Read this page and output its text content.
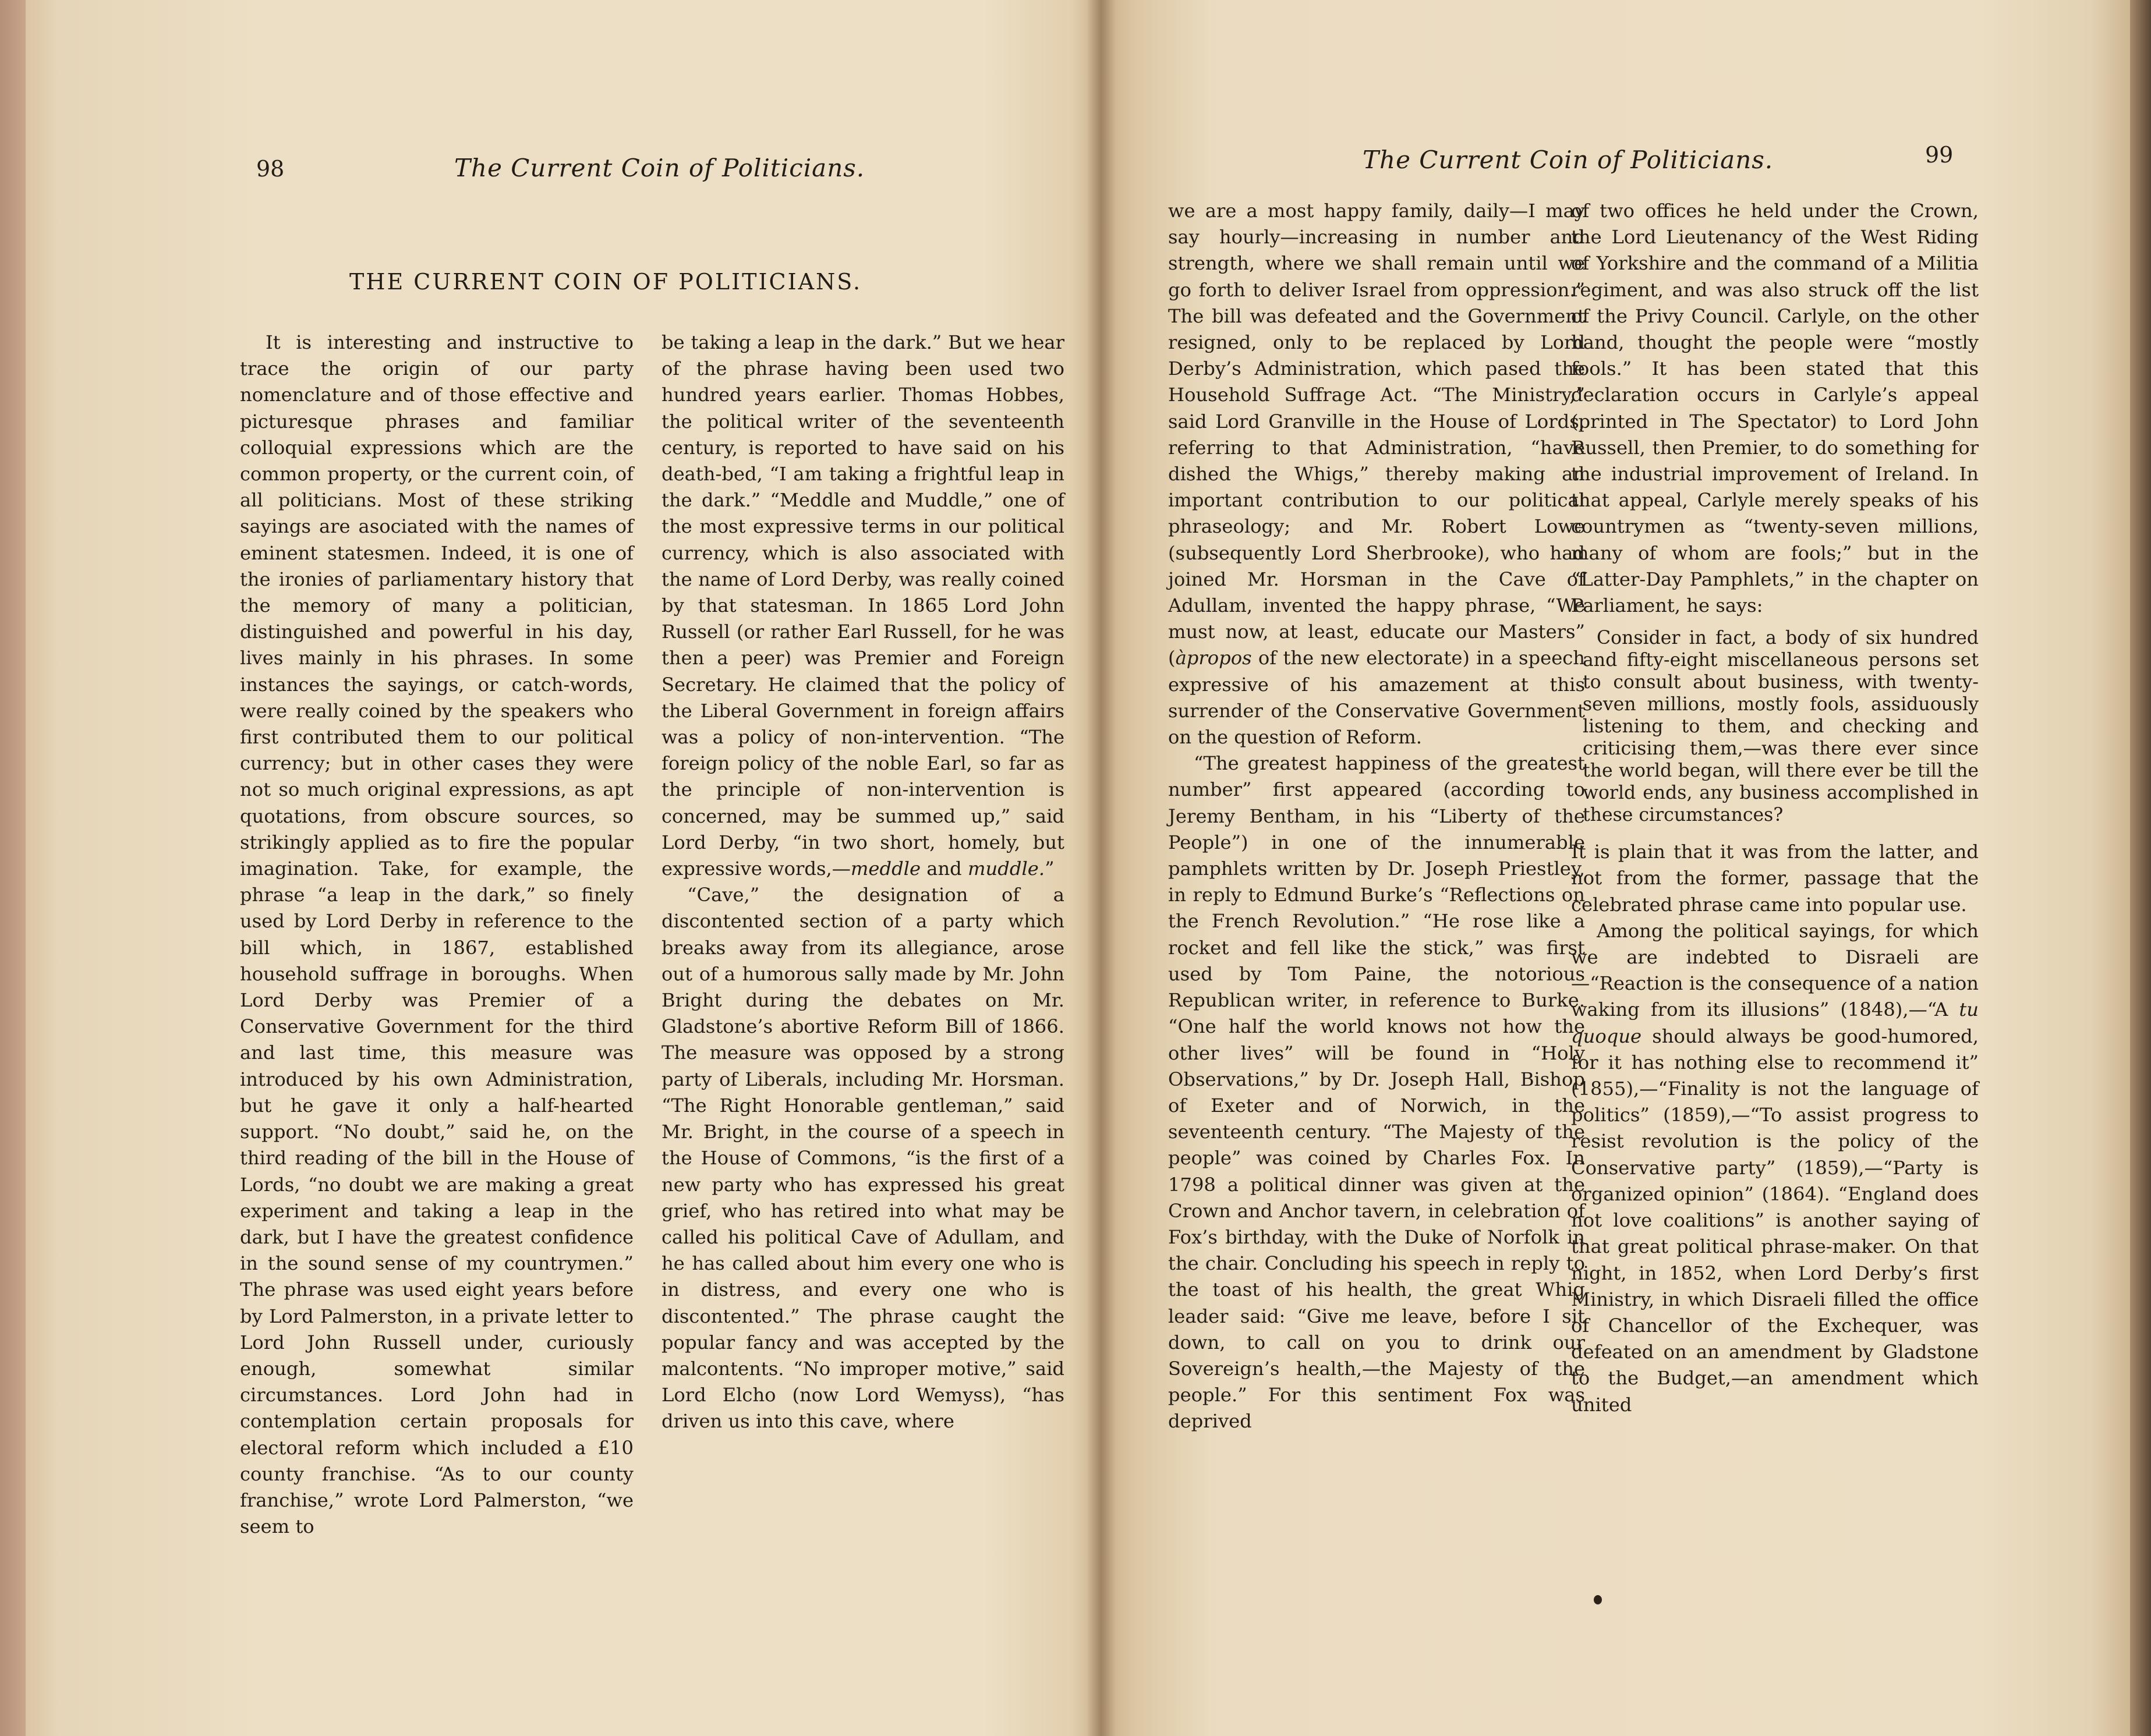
98	The Current Coin of Politicians.
THE CURRENT COIN OF POLITICIANS.

It is interesting and instructive to trace the origin of our party nomenclature and of those effective and picturesque phrases and familiar colloquial expressions which are the common property, or the current coin, of all politicians. Most of these striking sayings are asociated with the names of eminent statesmen. Indeed, it is one of the ironies of parliamentary history that the memory of many a politician, distinguished and powerful in his day, lives mainly in his phrases. In some instances the sayings, or catch-words, were really coined by the speakers who first contributed them to our political currency; but in other cases they were not so much original expressions, as apt quotations, from obscure sources, so strikingly applied as to fire the popular imagination. Take, for example, the phrase “a leap in the dark,” so finely used by Lord Derby in reference to the bill which, in 1867, established household suffrage in boroughs. When Lord Derby was Premier of a Conservative Government for the third and last time, this measure was introduced by his own Administration, but he gave it only a half-hearted support. “No doubt,” said he, on the third reading of the bill in the House of Lords, “no doubt we are making a great experiment and taking a leap in the dark, but I have the greatest confidence in the sound sense of my countrymen.” The phrase was used eight years before by Lord Palmerston, in a private letter to Lord John Russell under, curiously enough, somewhat similar circumstances. Lord John had in contemplation certain proposals for electoral reform which included a £10 county franchise. “As to our county franchise,” wrote Lord Palmerston, “we seem to

be taking a leap in the dark.” But we hear of the phrase having been used two hundred years earlier. Thomas Hobbes, the political writer of the seventeenth century, is reported to have said on his death-bed, “I am taking a frightful leap in the dark.” “Meddle and Muddle,” one of the most expressive terms in our political currency, which is also associated with the name of Lord Derby, was really coined by that statesman. In 1865 Lord John Russell (or rather Earl Russell, for he was then a peer) was Premier and Foreign Secretary. He claimed that the policy of the Liberal Government in foreign affairs was a policy of non-intervention. “The foreign policy of the noble Earl, so far as the principle of non-intervention is concerned, may be summed up,” said Lord Derby, “in two short, homely, but expressive words,—meddle and muddle.”

“Cave,” the designation of a discontented section of a party which breaks away from its allegiance, arose out of a humorous sally made by Mr. John Bright during the debates on Mr. Gladstone’s abortive Reform Bill of 1866. The measure was opposed by a strong party of Liberals, including Mr. Horsman. “The Right Honorable gentleman,” said Mr. Bright, in the course of a speech in the House of Commons, “is the first of a new party who has expressed his great grief, who has retired into what may be called his political Cave of Adullam, and he has called about him every one who is in distress, and every one who is discontented.” The phrase caught the popular fancy and was accepted by the malcontents. “No improper motive,” said Lord Elcho (now Lord Wemyss), “has driven us into this cave, where

The Current Coin of Politicians.	99

we are a most happy family, daily—I may say hourly—increasing in number and strength, where we shall remain until we go forth to deliver Israel from oppression.” The bill was defeated and the Government resigned, only to be replaced by Lord Derby’s Administration, which pased the Household Suffrage Act. “The Ministry,” said Lord Granville in the House of Lords, referring to that Administration, “have dished the Whigs,” thereby making an important contribution to our political phraseology; and Mr. Robert Lowe (subsequently Lord Sherbrooke), who had joined Mr. Horsman in the Cave of Adullam, invented the happy phrase, “We must now, at least, educate our Masters” (àpropos of the new electorate) in a speech expressive of his amazement at this surrender of the Conservative Government on the question of Reform.

“The greatest happiness of the greatest number” first appeared (according to Jeremy Bentham, in his “Liberty of the People”) in one of the innumerable pamphlets written by Dr. Joseph Priestley, in reply to Edmund Burke’s “Reflections on the French Revolution.” “He rose like a rocket and fell like the stick,” was first used by Tom Paine, the notorious Republican writer, in reference to Burke. “One half the world knows not how the other lives” will be found in “Holy Observations,” by Dr. Joseph Hall, Bishop of Exeter and of Norwich, in the seventeenth century. “The Majesty of the people” was coined by Charles Fox. In 1798 a political dinner was given at the Crown and Anchor tavern, in celebration of Fox’s birthday, with the Duke of Norfolk in the chair. Concluding his speech in reply to the toast of his health, the great Whig leader said: “Give me leave, before I sit down, to call on you to drink our Sovereign’s health,—the Majesty of the people.” For this sentiment Fox was deprived

of two offices he held under the Crown, the Lord Lieutenancy of the West Riding of Yorkshire and the command of a Militia regiment, and was also struck off the list of the Privy Council. Carlyle, on the other hand, thought the people were “mostly fools.” It has been stated that this declaration occurs in Carlyle’s appeal (printed in The Spectator) to Lord John Russell, then Premier, to do something for the industrial improvement of Ireland. In that appeal, Carlyle merely speaks of his countrymen as “twenty-seven millions, many of whom are fools;” but in the “Latter-Day Pamphlets,” in the chapter on Parliament, he says:

Consider in fact, a body of six hundred and fifty-eight miscellaneous persons set to consult about business, with twenty-seven millions, mostly fools, assiduously listening to them, and checking and criticising them,—was there ever since the world began, will there ever be till the world ends, any business accomplished in these circumstances?

It is plain that it was from the latter, and not from the former, passage that the celebrated phrase came into popular use.

Among the political sayings, for which we are indebted to Disraeli are—“Reaction is the consequence of a nation waking from its illusions” (1848),—“A tu quoque should always be good-humored, for it has nothing else to recommend it” (1855),—“Finality is not the language of politics” (1859),—“To assist progress to resist revolution is the policy of the Conservative party” (1859),—“Party is organized opinion” (1864). “England does not love coalitions” is another saying of that great political phrase-maker. On that night, in 1852, when Lord Derby’s first Ministry, in which Disraeli filled the office of Chancellor of the Exchequer, was defeated on an amendment by Gladstone to the Budget,—an amendment which united
